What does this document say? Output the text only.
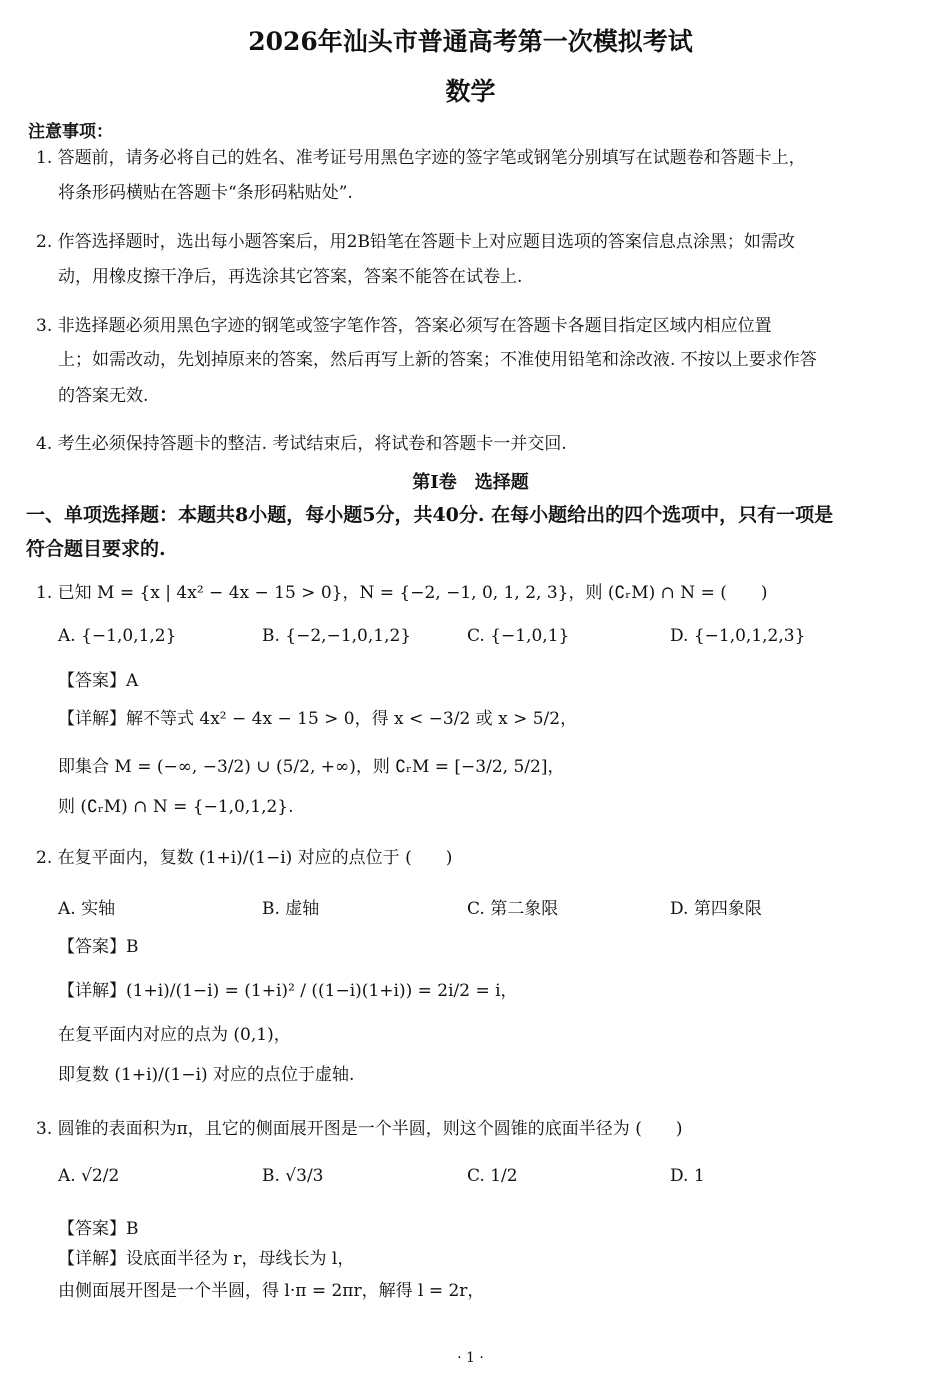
2026年汕头市普通高考第一次模拟考试
数学
注意事项：
1. 答题前，请务必将自己的姓名、准考证号用黑色字迹的签字笔或钢笔分别填写在试题卷和答题卡上，
将条形码横贴在答题卡“条形码粘贴处”.
2. 作答选择题时，选出每小题答案后，用2B铅笔在答题卡上对应题目选项的答案信息点涂黑；如需改
动，用橡皮擦干净后，再选涂其它答案，答案不能答在试卷上.
3. 非选择题必须用黑色字迹的钢笔或签字笔作答，答案必须写在答题卡各题目指定区域内相应位置
上；如需改动，先划掉原来的答案，然后再写上新的答案；不准使用铅笔和涂改液. 不按以上要求作答
的答案无效.
4. 考生必须保持答题卡的整洁. 考试结束后，将试卷和答题卡一并交回.
第Ⅰ卷　选择题
一、单项选择题：本题共8小题，每小题5分，共40分. 在每小题给出的四个选项中，只有一项是
符合题目要求的.
1. 已知 M = {x | 4x² − 4x − 15 > 0}，N = {−2, −1, 0, 1, 2, 3}，则 (∁ᵣM) ∩ N = (　　)
A. {−1,0,1,2}	B. {−2,−1,0,1,2}	C. {−1,0,1}	D. {−1,0,1,2,3}
【答案】A
【详解】解不等式 4x² − 4x − 15 > 0，得 x < −3/2 或 x > 5/2，
即集合 M = (−∞, −3/2) ∪ (5/2, +∞)，则 ∁ᵣM = [−3/2, 5/2]，
则 (∁ᵣM) ∩ N = {−1,0,1,2}.
2. 在复平面内，复数 (1+i)/(1−i) 对应的点位于 (　　)
A. 实轴	B. 虚轴	C. 第二象限	D. 第四象限
【答案】B
【详解】(1+i)/(1−i) = (1+i)² / ((1−i)(1+i)) = 2i/2 = i，
在复平面内对应的点为 (0,1)，
即复数 (1+i)/(1−i) 对应的点位于虚轴.
3. 圆锥的表面积为π，且它的侧面展开图是一个半圆，则这个圆锥的底面半径为 (　　)
A. √2/2	B. √3/3	C. 1/2	D. 1
【答案】B
【详解】设底面半径为 r，母线长为 l，
由侧面展开图是一个半圆，得 l·π = 2πr，解得 l = 2r，
· 1 ·
